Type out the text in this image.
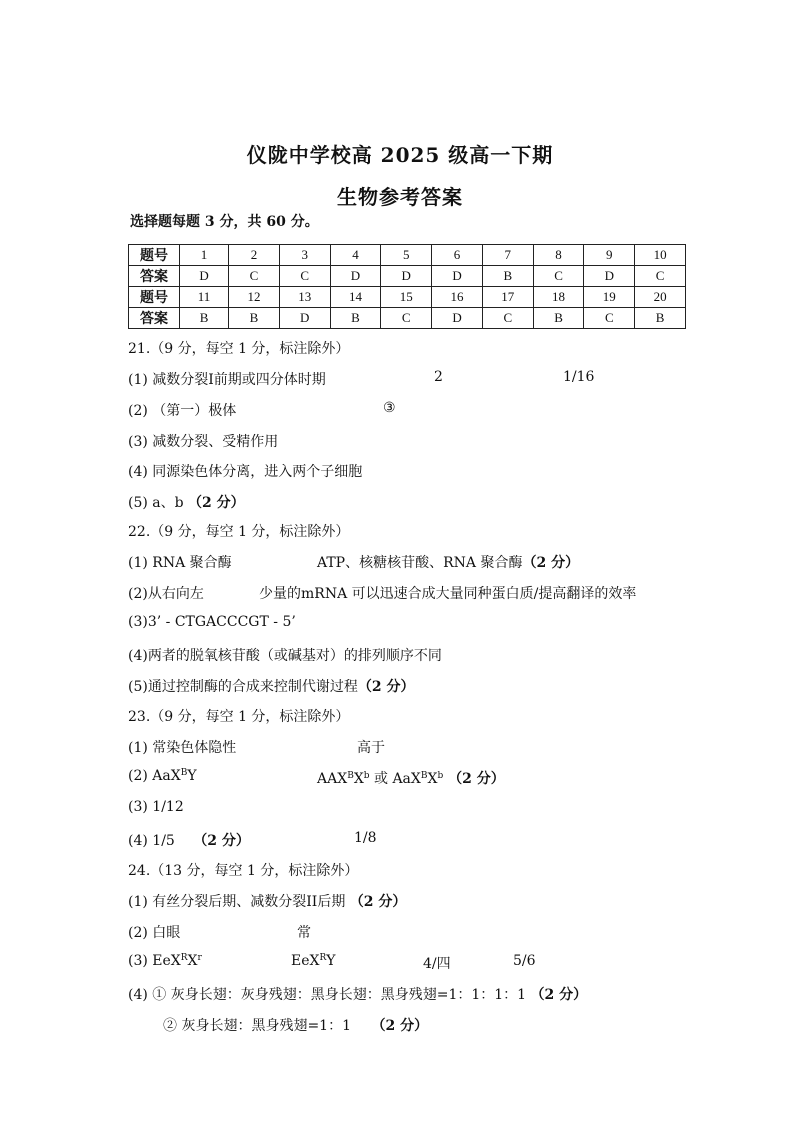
仪陇中学校高 2025 级高一下期
生物参考答案
选择题每题 3 分，共 60 分。
题号	1	2	3	4	5	6	7	8	9	10
答案	D	C	C	D	D	D	B	C	D	C
题号	11	12	13	14	15	16	17	18	19	20
答案	B	B	D	B	C	D	C	B	C	B
21.（9 分，每空 1 分，标注除外）
(1) 减数分裂I前期或四分体时期	2	1/16
(2) （第一）极体	③
(3) 减数分裂、受精作用
(4) 同源染色体分离，进入两个子细胞
(5) a、b （2 分）
22.（9 分，每空 1 分，标注除外）
(1) RNA 聚合酶	ATP、核糖核苷酸、RNA 聚合酶（2 分）
(2)从右向左	少量的mRNA 可以迅速合成大量同种蛋白质/提高翻译的效率
(3)3’ - CTGACCCGT - 5’
(4)两者的脱氧核苷酸（或碱基对）的排列顺序不同
(5)通过控制酶的合成来控制代谢过程（2 分）
23.（9 分，每空 1 分，标注除外）
(1) 常染色体隐性	高于
(2) AaX$^B$Y	$AAX^BX^b$ 或 $AaX^BX^b$ （2 分）
(3) 1/12
(4) 1/5 （2 分）	1/8
24.（13 分，每空 1 分，标注除外）
(1) 有丝分裂后期、减数分裂II后期 （2 分）
(2) 白眼	常
(3) $EeX^RX^r$	EeX$^R$Y	4/四	5/6
(4) ① 灰身长翅：灰身残翅：黑身长翅：黑身残翅=1：1：1：1 （2 分）
② 灰身长翅：黑身残翅=1：1 （2 分）
